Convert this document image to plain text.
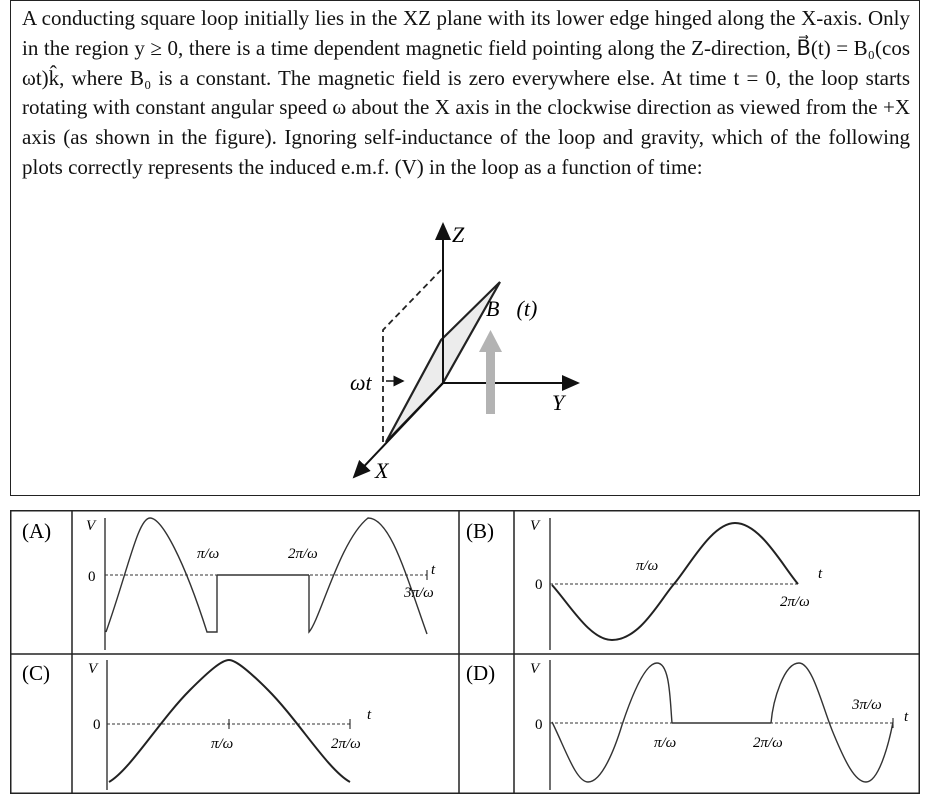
A conducting square loop initially lies in the XZ plane with its lower edge hinged along the X-axis. Only in the region y ≥ 0, there is a time dependent magnetic field pointing along the Z-direction, B⃗(t) = B₀(cos ωt)k̂, where B₀ is a constant. The magnetic field is zero everywhere else. At time t = 0, the loop starts rotating with constant angular speed ω about the X axis in the clockwise direction as viewed from the +X axis (as shown in the figure). Ignoring self-inductance of the loop and gravity, which of the following plots correctly represents the induced e.m.f. (V) in the loop as a function of time:

Z
Y
X
B⃗(t)
ωt
(A)	(B)
(C)	(D)
V
0	t
π/ω	2π/ω
3π/ω
V
0
t
π/ω
2π/ω
V
0
t
π/ω	2π/ω
V
0	t
π/ω	2π/ω
3π/ω
